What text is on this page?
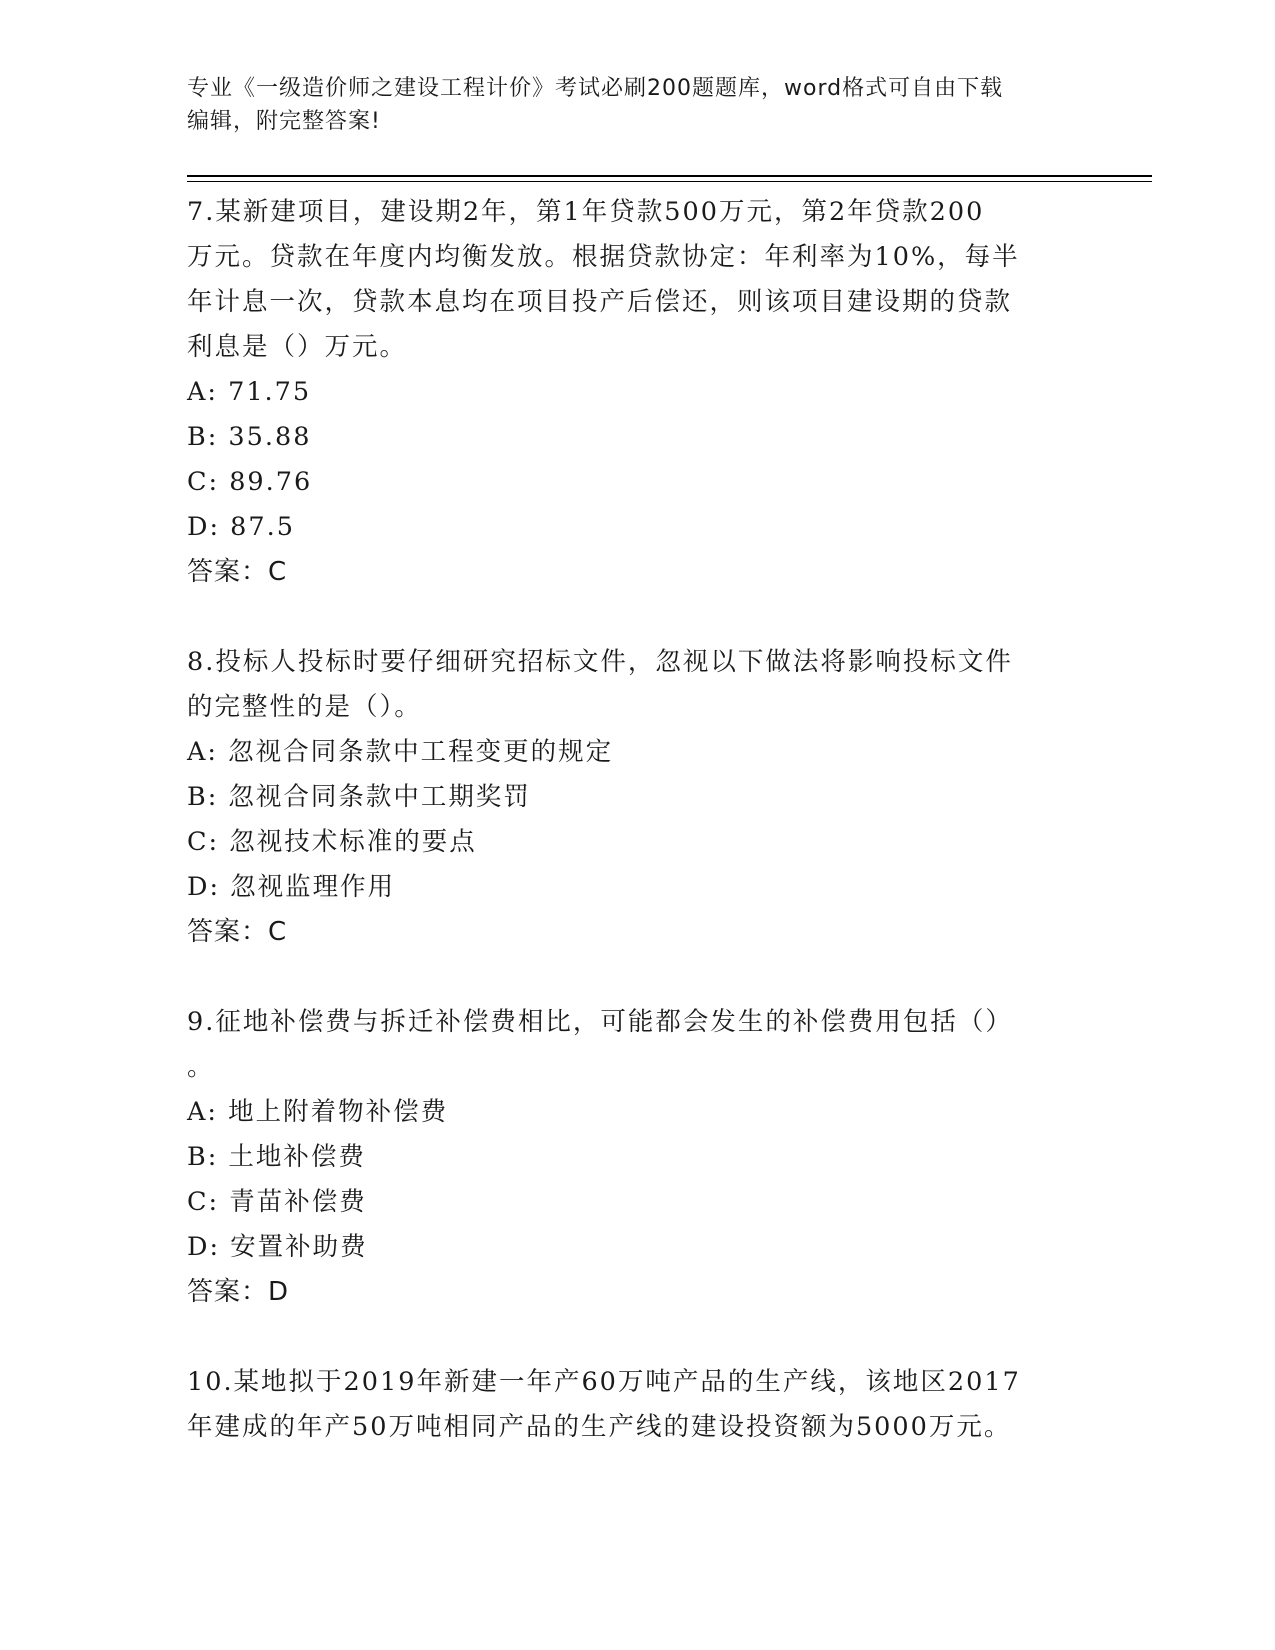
专业《一级造价师之建设工程计价》考试必刷200题题库，word格式可自由下载
编辑，附完整答案!
7.某新建项目，建设期2年，第1年贷款500万元，第2年贷款200
万元。贷款在年度内均衡发放。根据贷款协定：年利率为10%，每半
年计息一次，贷款本息均在项目投产后偿还，则该项目建设期的贷款
利息是（）万元。
A: 71.75
B: 35.88
C: 89.76
D: 87.5
答案：C
8.投标人投标时要仔细研究招标文件，忽视以下做法将影响投标文件
的完整性的是（）。
A: 忽视合同条款中工程变更的规定
B: 忽视合同条款中工期奖罚
C: 忽视技术标准的要点
D: 忽视监理作用
答案：C
9.征地补偿费与拆迁补偿费相比，可能都会发生的补偿费用包括（）
。
A: 地上附着物补偿费
B: 土地补偿费
C: 青苗补偿费
D: 安置补助费
答案：D
10.某地拟于2019年新建一年产60万吨产品的生产线，该地区2017
年建成的年产50万吨相同产品的生产线的建设投资额为5000万元。
